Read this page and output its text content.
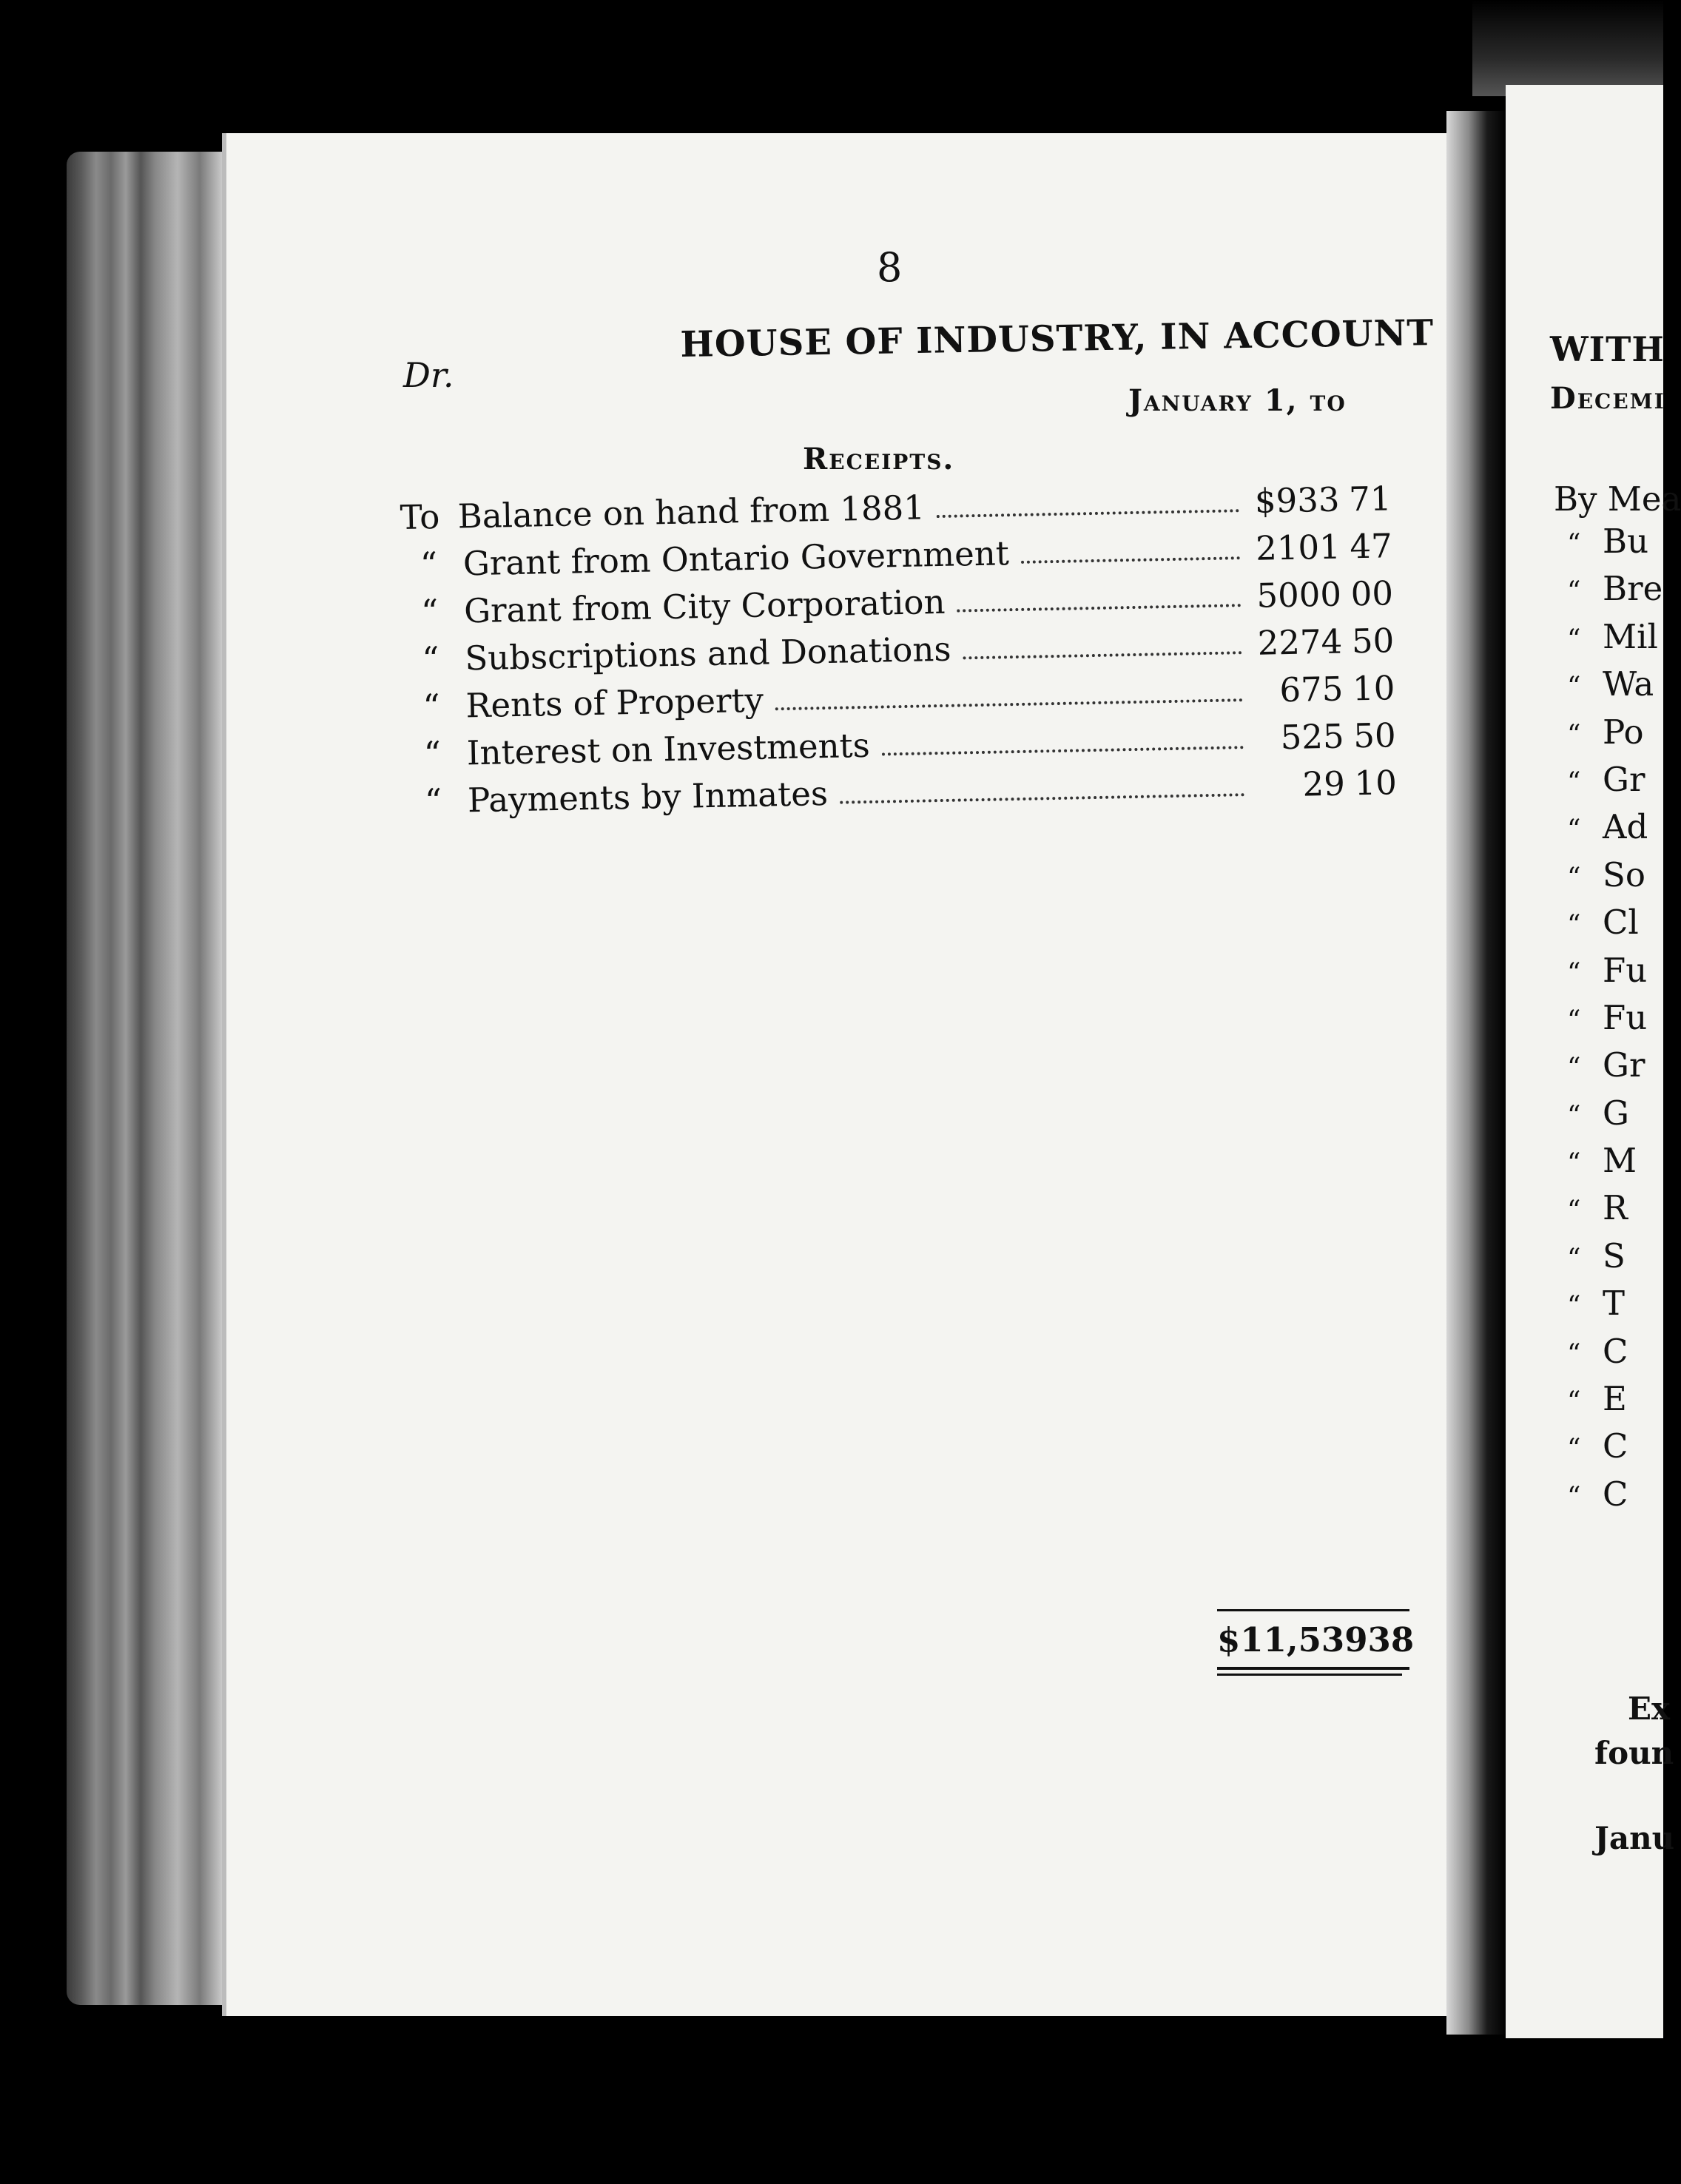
8
Dr.
HOUSE OF INDUSTRY, IN ACCOUNT
January 1, to
Receipts.
To Balance on hand from 1881	$933 71
“ Grant from Ontario Government	2101 47
“ Grant from City Corporation	5000 00
“ Subscriptions and Donations	2274 50
“ Rents of Property	675 10
“ Interest on Investments	525 50
“ Payments by Inmates	29 10
$11,539 38
WITH
Decemi
By Mea
“ Bu
“ Bre
“ Mil
“ Wa
“ Po
“ Gr
“ Ad
“ So
“ Cl
“ Fu
“ Fu
“ Gr
“ G
“ M
“ R
“ S
“ T
“ C
“ E
“ C
“ C
Ex
foun
Janu
